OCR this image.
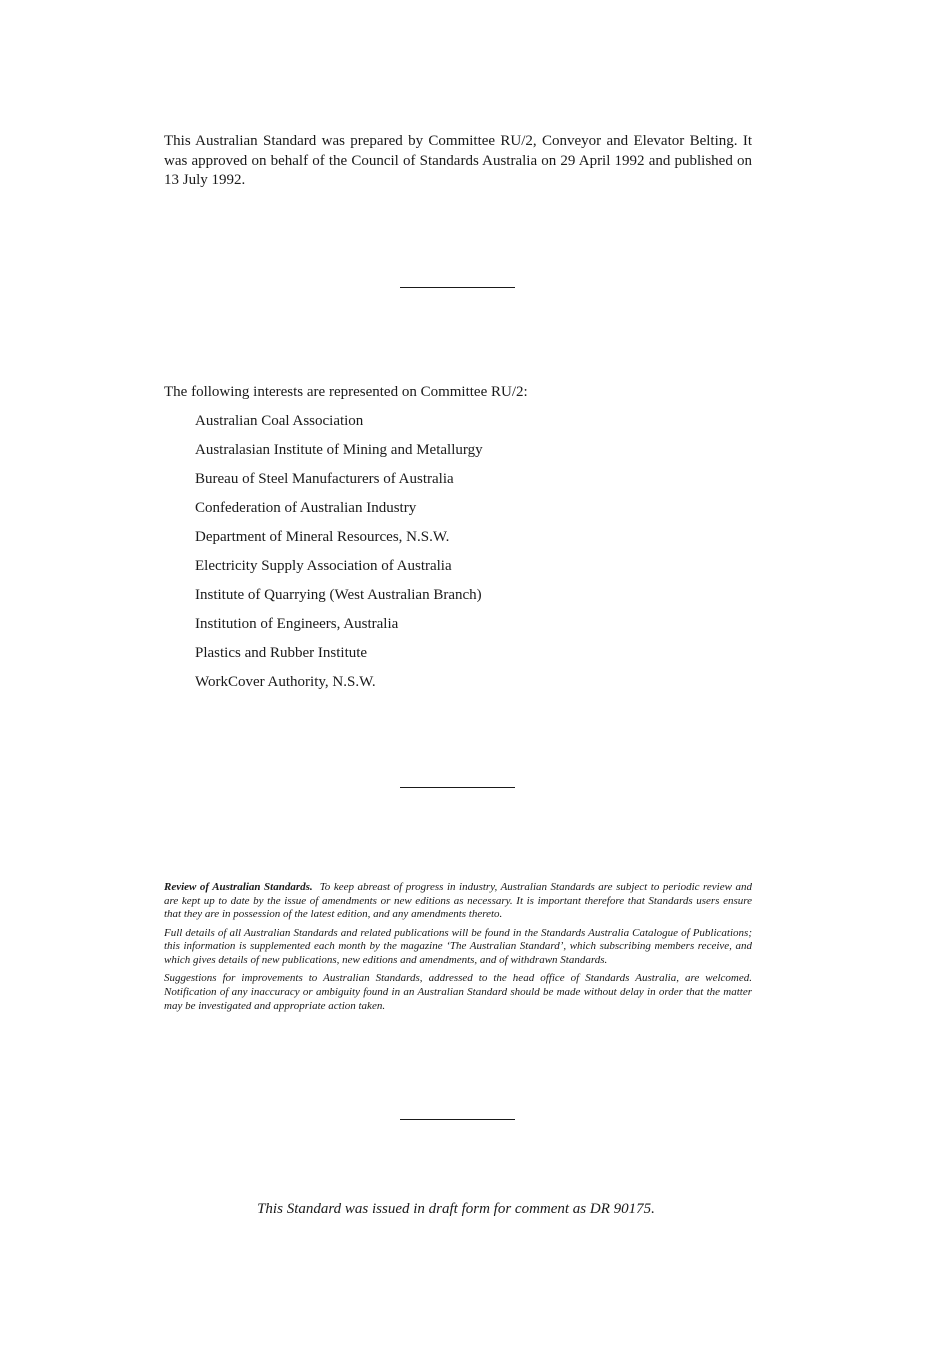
This Australian Standard was prepared by Committee RU/2, Conveyor and Elevator Belting. It was approved on behalf of the Council of Standards Australia on 29 April 1992 and published on 13 July 1992.

The following interests are represented on Committee RU/2:

Australian Coal Association
Australasian Institute of Mining and Metallurgy
Bureau of Steel Manufacturers of Australia
Confederation of Australian Industry
Department of Mineral Resources, N.S.W.
Electricity Supply Association of Australia
Institute of Quarrying (West Australian Branch)
Institution of Engineers, Australia
Plastics and Rubber Institute
WorkCover Authority, N.S.W.

Review of Australian Standards. To keep abreast of progress in industry, Australian Standards are subject to periodic review and are kept up to date by the issue of amendments or new editions as necessary. It is important therefore that Standards users ensure that they are in possession of the latest edition, and any amendments thereto.

Full details of all Australian Standards and related publications will be found in the Standards Australia Catalogue of Publications; this information is supplemented each month by the magazine ‘The Australian Standard’, which subscribing members receive, and which gives details of new publications, new editions and amendments, and of withdrawn Standards.

Suggestions for improvements to Australian Standards, addressed to the head office of Standards Australia, are welcomed. Notification of any inaccuracy or ambiguity found in an Australian Standard should be made without delay in order that the matter may be investigated and appropriate action taken.

This Standard was issued in draft form for comment as DR 90175.
